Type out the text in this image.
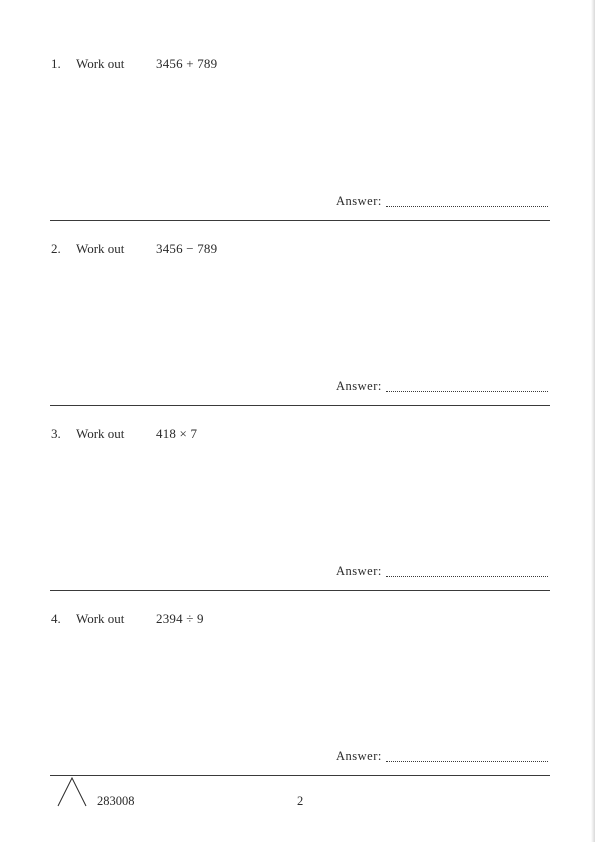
1. Work out 3456 + 789
Answer:
2. Work out 3456 − 789
Answer:
3. Work out 418 × 7
Answer:
4. Work out 2394 ÷ 9
Answer:
283008	2
